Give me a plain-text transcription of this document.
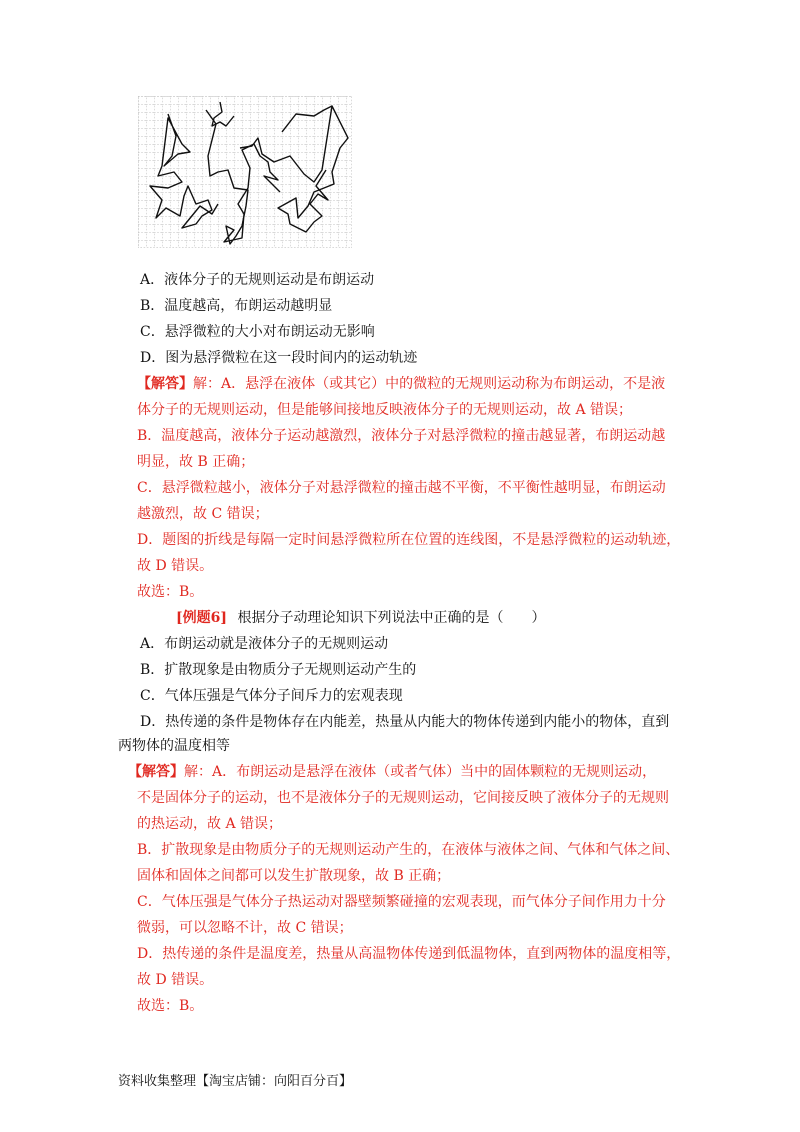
A．液体分子的无规则运动是布朗运动
B．温度越高，布朗运动越明显
C．悬浮微粒的大小对布朗运动无影响
D．图为悬浮微粒在这一段时间内的运动轨迹
【解答】解：A．悬浮在液体（或其它）中的微粒的无规则运动称为布朗运动，不是液
体分子的无规则运动，但是能够间接地反映液体分子的无规则运动，故 A 错误；
B．温度越高，液体分子运动越激烈，液体分子对悬浮微粒的撞击越显著，布朗运动越
明显，故 B 正确；
C．悬浮微粒越小，液体分子对悬浮微粒的撞击越不平衡，不平衡性越明显，布朗运动
越激烈，故 C 错误；
D．题图的折线是每隔一定时间悬浮微粒所在位置的连线图，不是悬浮微粒的运动轨迹，
故 D 错误。
故选：B。
[例题6] 根据分子动理论知识下列说法中正确的是（　　）
A．布朗运动就是液体分子的无规则运动
B．扩散现象是由物质分子无规则运动产生的
C．气体压强是气体分子间斥力的宏观表现
D．热传递的条件是物体存在内能差，热量从内能大的物体传递到内能小的物体，直到
两物体的温度相等
【解答】解：A．布朗运动是悬浮在液体（或者气体）当中的固体颗粒的无规则运动，
不是固体分子的运动，也不是液体分子的无规则运动，它间接反映了液体分子的无规则
的热运动，故 A 错误；
B．扩散现象是由物质分子的无规则运动产生的，在液体与液体之间、气体和气体之间、
固体和固体之间都可以发生扩散现象，故 B 正确；
C．气体压强是气体分子热运动对器壁频繁碰撞的宏观表现，而气体分子间作用力十分
微弱，可以忽略不计，故 C 错误；
D．热传递的条件是温度差，热量从高温物体传递到低温物体，直到两物体的温度相等，
故 D 错误。
故选：B。
资料收集整理【淘宝店铺：向阳百分百】
